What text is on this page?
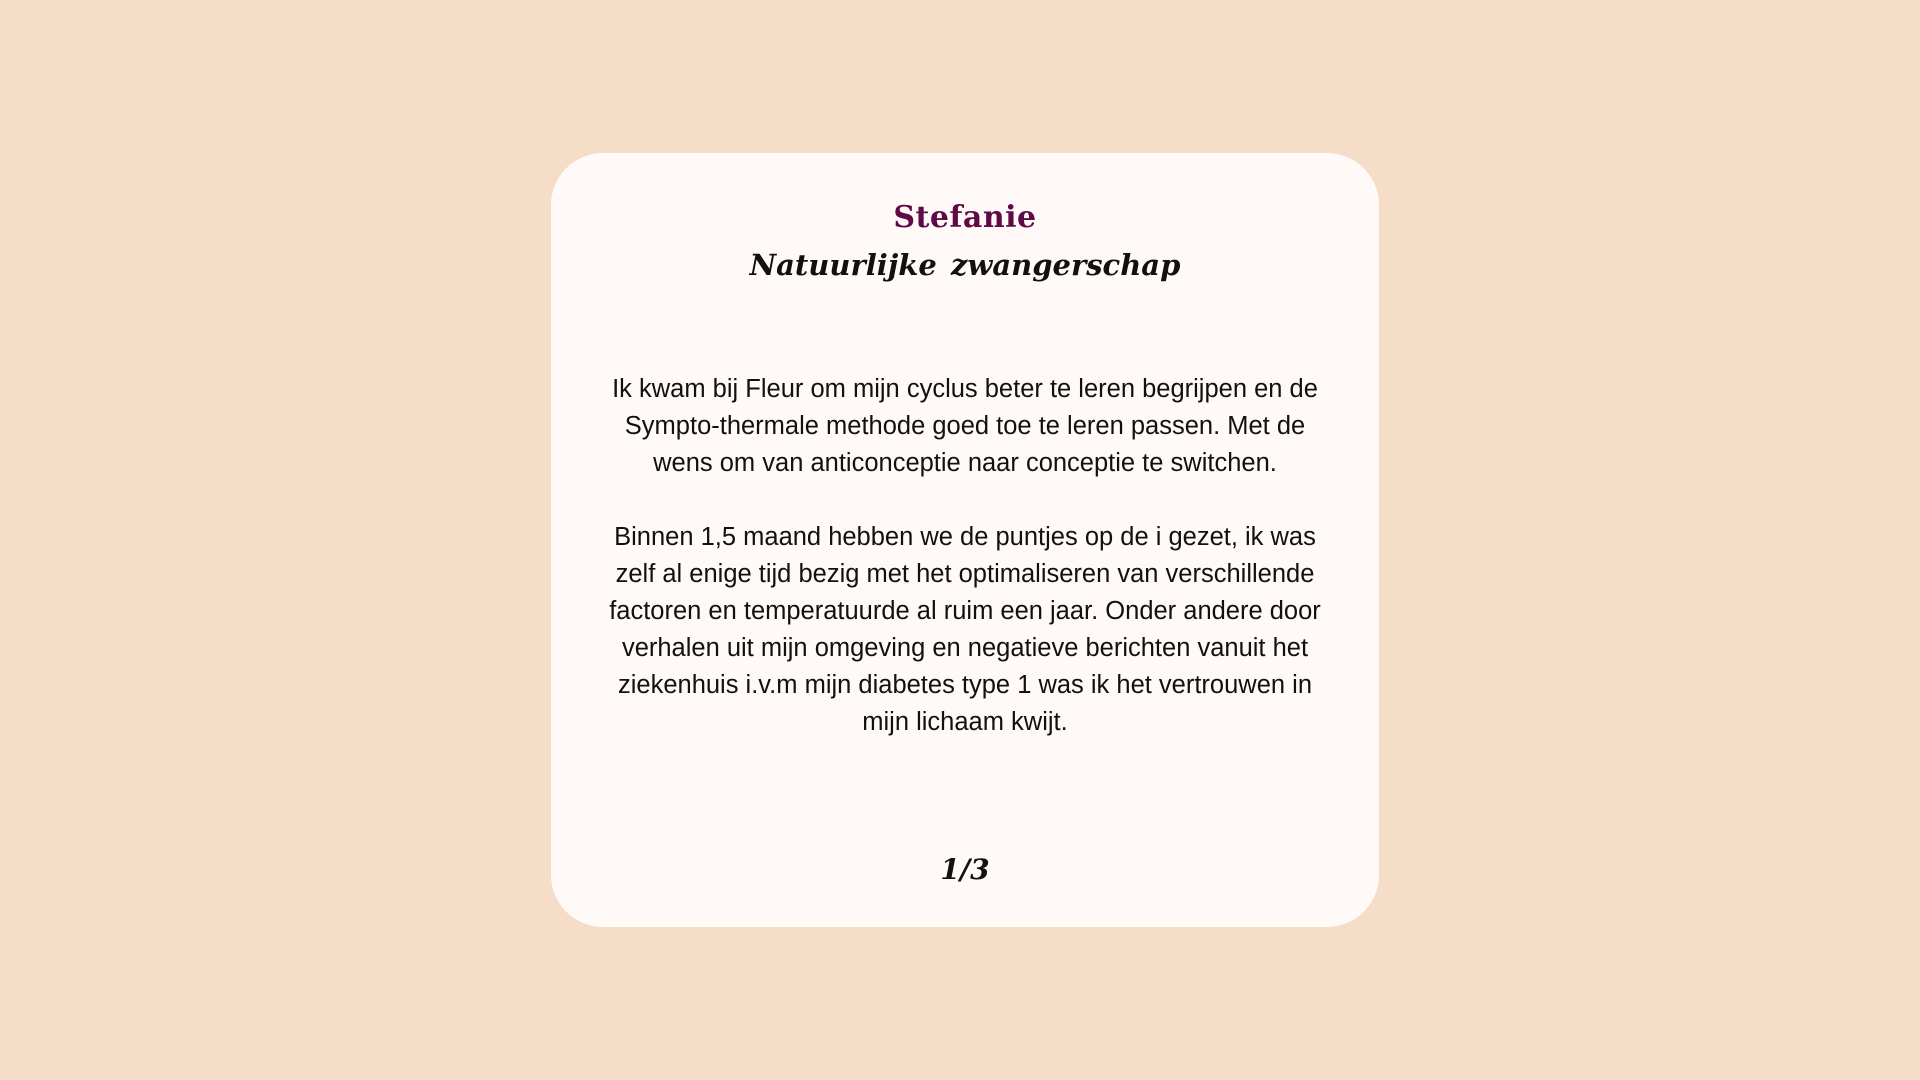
Stefanie
Natuurlijke zwangerschap

Ik kwam bij Fleur om mijn cyclus beter te leren begrijpen en de Sympto-thermale methode goed toe te leren passen. Met de wens om van anticonceptie naar conceptie te switchen.

Binnen 1,5 maand hebben we de puntjes op de i gezet, ik was zelf al enige tijd bezig met het optimaliseren van verschillende factoren en temperatuurde al ruim een jaar. Onder andere door verhalen uit mijn omgeving en negatieve berichten vanuit het ziekenhuis i.v.m mijn diabetes type 1 was ik het vertrouwen in mijn lichaam kwijt.

1/3
